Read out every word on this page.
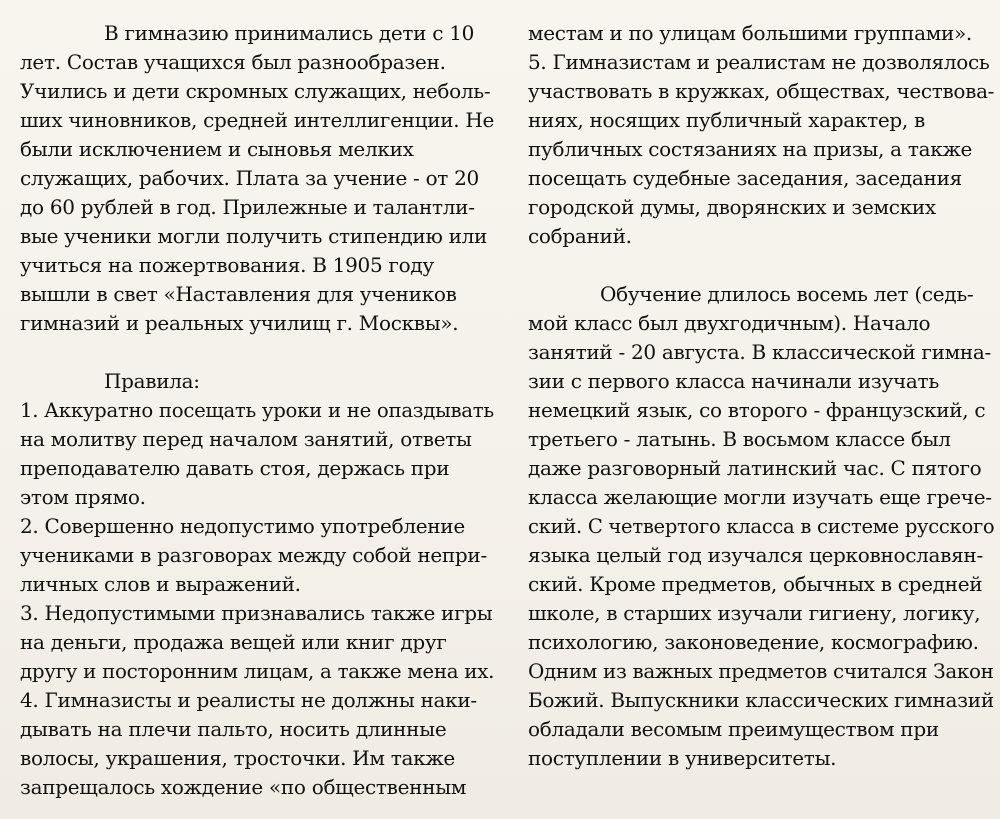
В гимназию принимались дети с 10
лет. Состав учащихся был разнообразен.
Учились и дети скромных служащих, неболь-
ших чиновников, средней интеллигенции. Не
были исключением и сыновья мелких
служащих, рабочих. Плата за учение - от 20
до 60 рублей в год. Прилежные и талантли-
вые ученики могли получить стипендию или
учиться на пожертвования. В 1905 году
вышли в свет «Наставления для учеников
гимназий и реальных училищ г. Москвы».
Правила:
1. Аккуратно посещать уроки и не опаздывать
на молитву перед началом занятий, ответы
преподавателю давать стоя, держась при
этом прямо.
2. Совершенно недопустимо употребление
учениками в разговорах между собой непри-
личных слов и выражений.
3. Недопустимыми признавались также игры
на деньги, продажа вещей или книг друг
другу и посторонним лицам, а также мена их.
4. Гимназисты и реалисты не должны наки-
дывать на плечи пальто, носить длинные
волосы, украшения, тросточки. Им также
запрещалось хождение «по общественным
местам и по улицам большими группами».
5. Гимназистам и реалистам не дозволялось
участвовать в кружках, обществах, чествова-
ниях, носящих публичный характер, в
публичных состязаниях на призы, а также
посещать судебные заседания, заседания
городской думы, дворянских и земских
собраний.
Обучение длилось восемь лет (седь-
мой класс был двухгодичным). Начало
занятий - 20 августа. В классической гимна-
зии с первого класса начинали изучать
немецкий язык, со второго - французский, с
третьего - латынь. В восьмом классе был
даже разговорный латинский час. С пятого
класса желающие могли изучать еще грече-
ский. С четвертого класса в системе русского
языка целый год изучался церковнославян-
ский. Кроме предметов, обычных в средней
школе, в старших изучали гигиену, логику,
психологию, законоведение, космографию.
Одним из важных предметов считался Закон
Божий. Выпускники классических гимназий
обладали весомым преимуществом при
поступлении в университеты.
